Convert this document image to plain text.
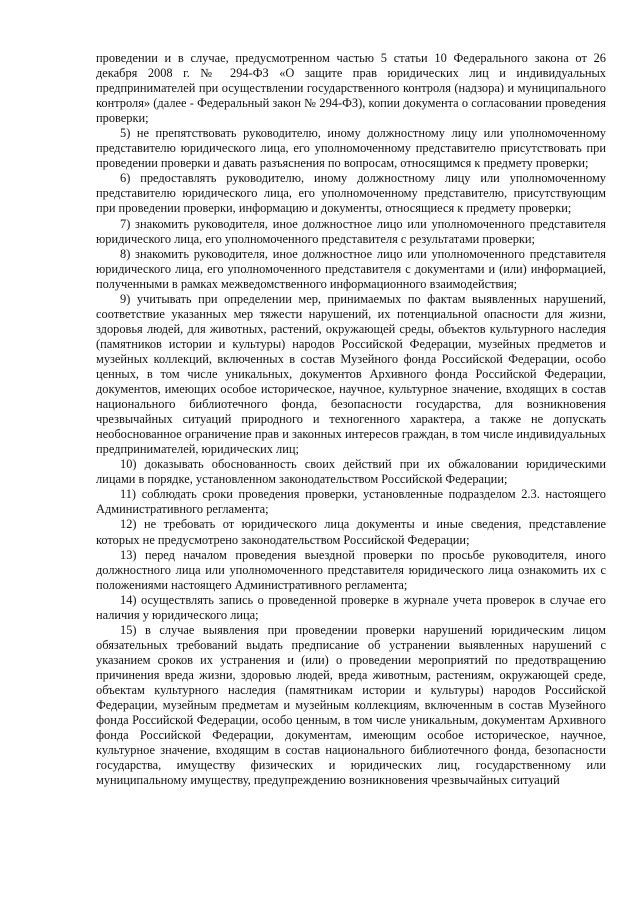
проведении и в случае, предусмотренном частью 5 статьи 10 Федерального закона от 26 декабря 2008 г. № 294-ФЗ «О защите прав юридических лиц и индивидуальных предпринимателей при осуществлении государственного контроля (надзора) и муниципального контроля» (далее - Федеральный закон № 294-ФЗ), копии документа о согласовании проведения проверки;

5) не препятствовать руководителю, иному должностному лицу или уполномоченному представителю юридического лица, его уполномоченному представителю присутствовать при проведении проверки и давать разъяснения по вопросам, относящимся к предмету проверки;

6) предоставлять руководителю, иному должностному лицу или уполномоченному представителю юридического лица, его уполномоченному представителю, присутствующим при проведении проверки, информацию и документы, относящиеся к предмету проверки;

7) знакомить руководителя, иное должностное лицо или уполномоченного представителя юридического лица, его уполномоченного представителя с результатами проверки;

8) знакомить руководителя, иное должностное лицо или уполномоченного представителя юридического лица, его уполномоченного представителя с документами и (или) информацией, полученными в рамках межведомственного информационного взаимодействия;

9) учитывать при определении мер, принимаемых по фактам выявленных нарушений, соответствие указанных мер тяжести нарушений, их потенциальной опасности для жизни, здоровья людей, для животных, растений, окружающей среды, объектов культурного наследия (памятников истории и культуры) народов Российской Федерации, музейных предметов и музейных коллекций, включенных в состав Музейного фонда Российской Федерации, особо ценных, в том числе уникальных, документов Архивного фонда Российской Федерации, документов, имеющих особое историческое, научное, культурное значение, входящих в состав национального библиотечного фонда, безопасности государства, для возникновения чрезвычайных ситуаций природного и техногенного характера, а также не допускать необоснованное ограничение прав и законных интересов граждан, в том числе индивидуальных предпринимателей, юридических лиц;

10) доказывать обоснованность своих действий при их обжаловании юридическими лицами в порядке, установленном законодательством Российской Федерации;

11) соблюдать сроки проведения проверки, установленные подразделом 2.3. настоящего Административного регламента;

12) не требовать от юридического лица документы и иные сведения, представление которых не предусмотрено законодательством Российской Федерации;

13) перед началом проведения выездной проверки по просьбе руководителя, иного должностного лица или уполномоченного представителя юридического лица ознакомить их с положениями настоящего Административного регламента;

14) осуществлять запись о проведенной проверке в журнале учета проверок в случае его наличия у юридического лица;

15) в случае выявления при проведении проверки нарушений юридическим лицом обязательных требований выдать предписание об устранении выявленных нарушений с указанием сроков их устранения и (или) о проведении мероприятий по предотвращению причинения вреда жизни, здоровью людей, вреда животным, растениям, окружающей среде, объектам культурного наследия (памятникам истории и культуры) народов Российской Федерации, музейным предметам и музейным коллекциям, включенным в состав Музейного фонда Российской Федерации, особо ценным, в том числе уникальным, документам Архивного фонда Российской Федерации, документам, имеющим особое историческое, научное, культурное значение, входящим в состав национального библиотечного фонда, безопасности государства, имуществу физических и юридических лиц, государственному или муниципальному имуществу, предупреждению возникновения чрезвычайных ситуаций
